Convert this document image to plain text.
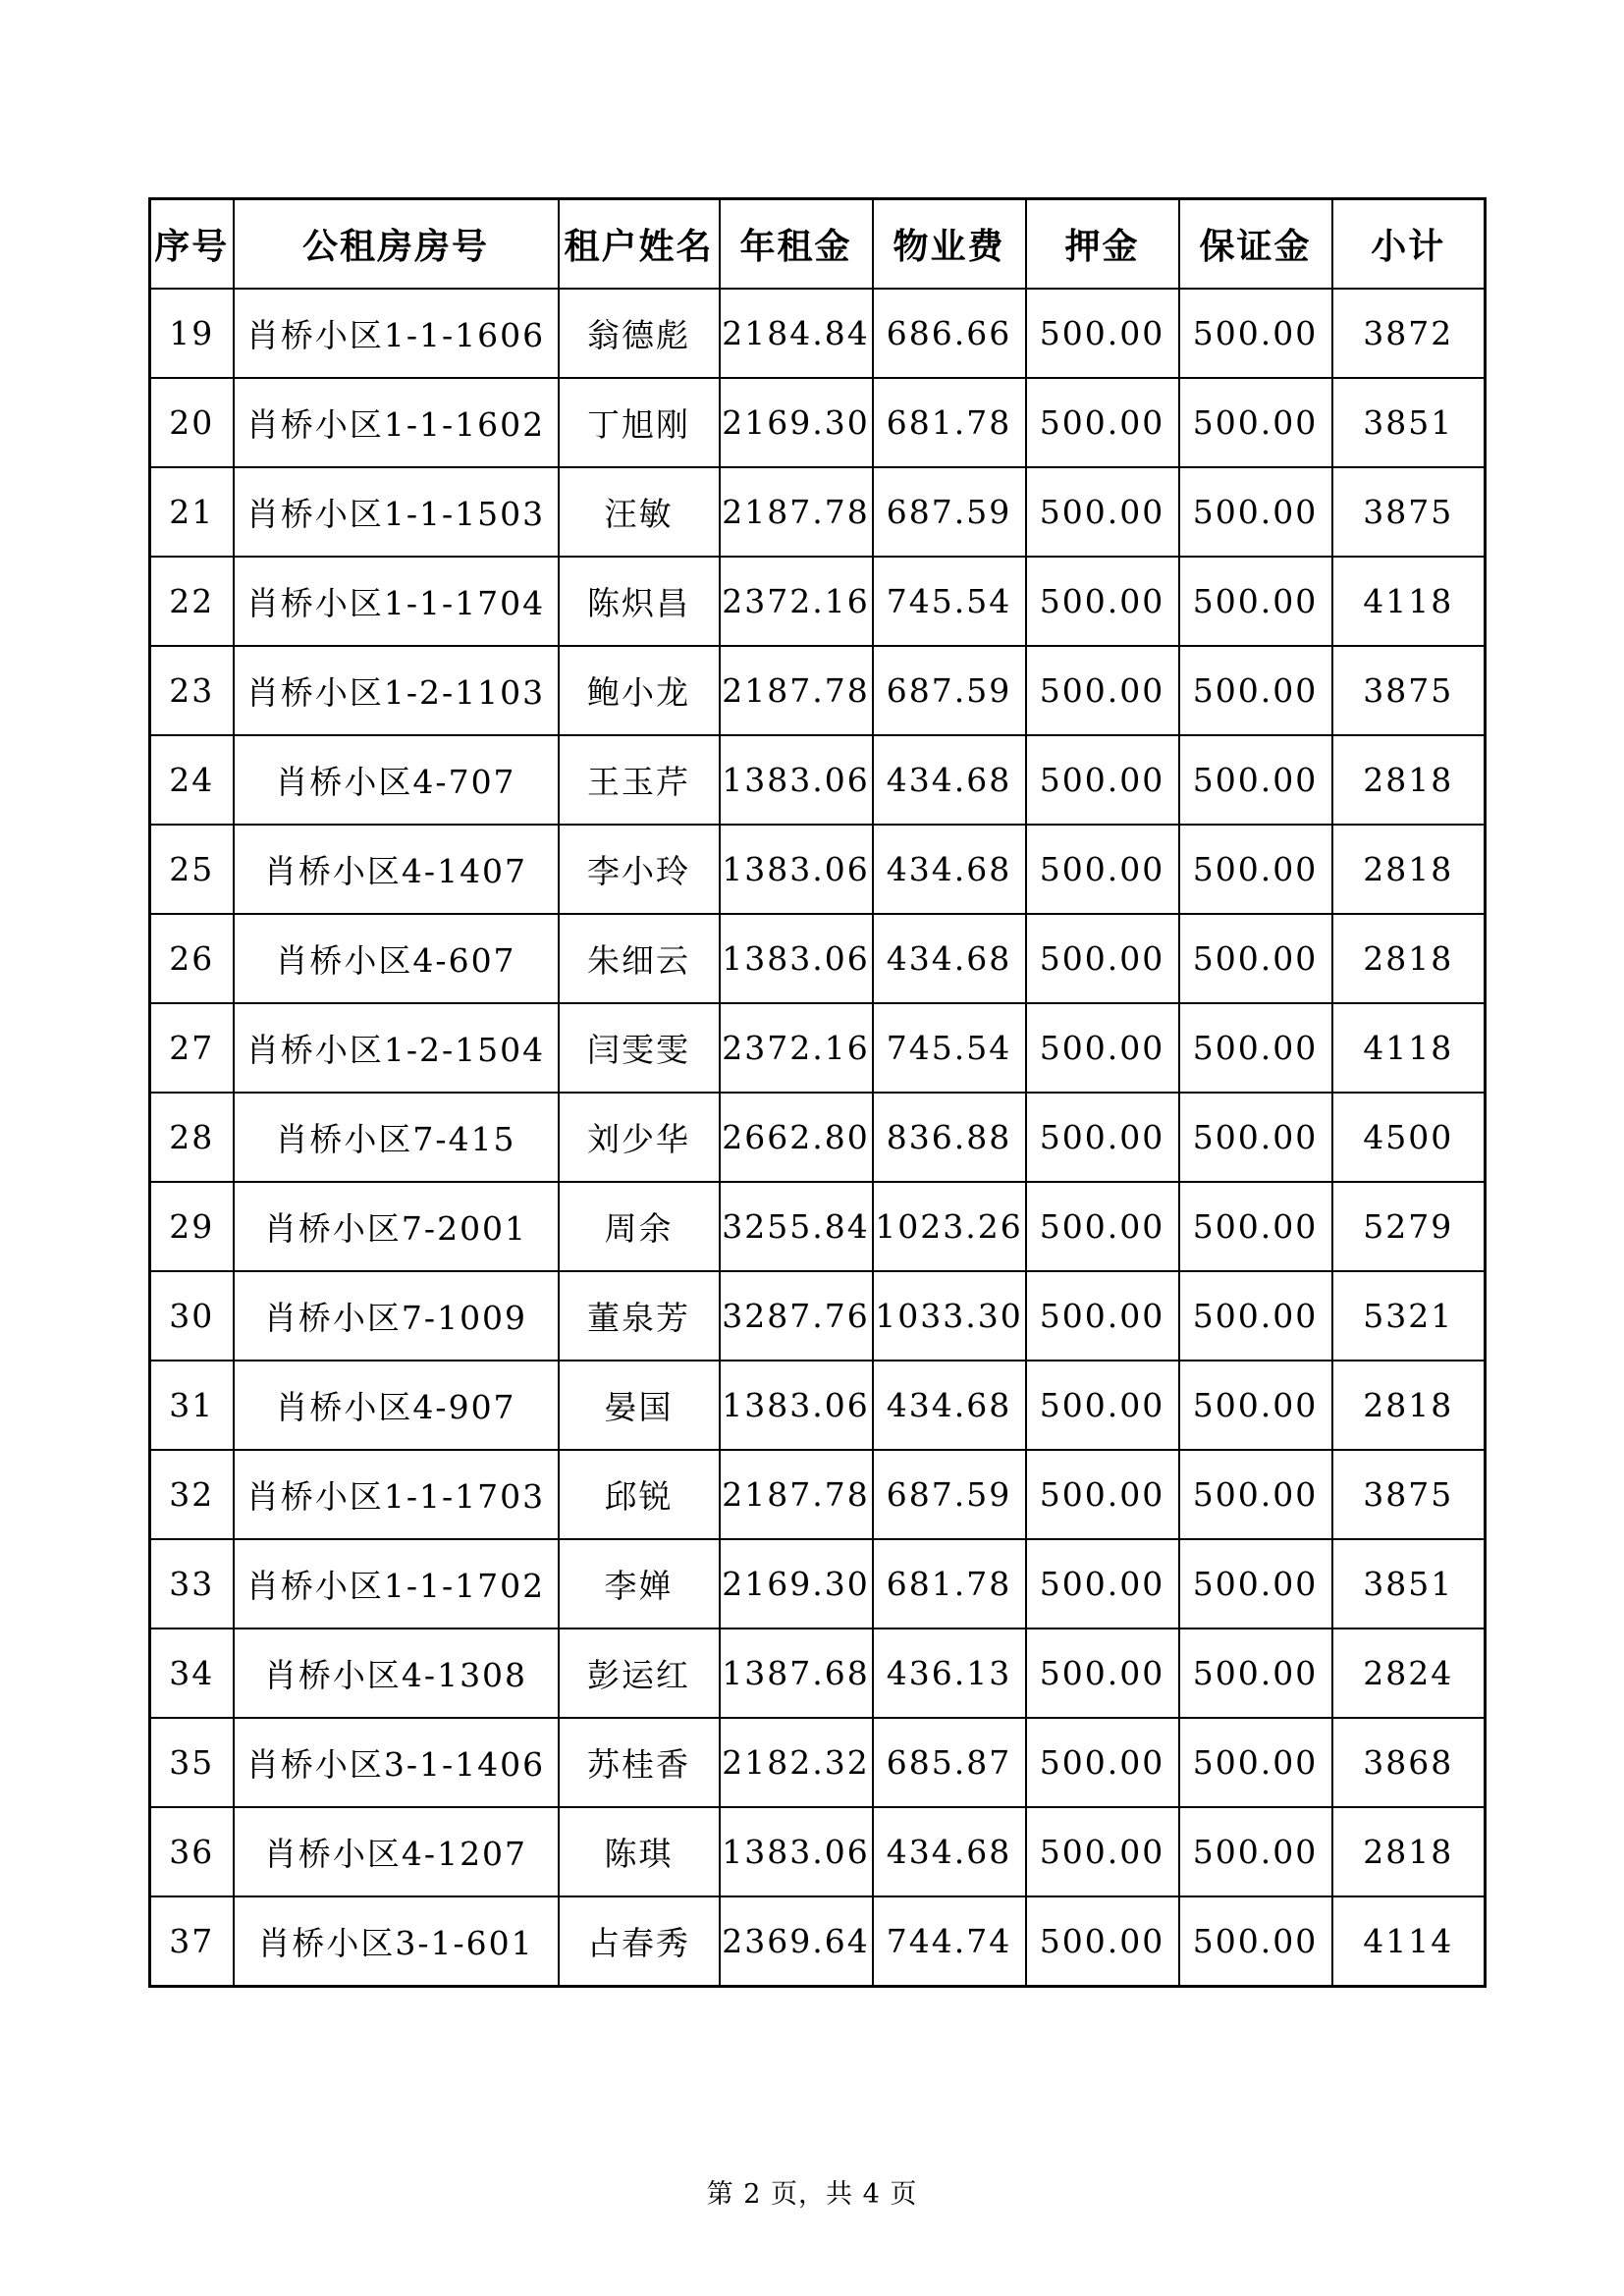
序号	公租房房号	租户姓名	年租金	物业费	押金	保证金	小计
19	肖桥小区1-1-1606	翁德彪	2184.84	686.66	500.00	500.00	3872
20	肖桥小区1-1-1602	丁旭刚	2169.30	681.78	500.00	500.00	3851
21	肖桥小区1-1-1503	汪敏	2187.78	687.59	500.00	500.00	3875
22	肖桥小区1-1-1704	陈炽昌	2372.16	745.54	500.00	500.00	4118
23	肖桥小区1-2-1103	鲍小龙	2187.78	687.59	500.00	500.00	3875
24	肖桥小区4-707	王玉芹	1383.06	434.68	500.00	500.00	2818
25	肖桥小区4-1407	李小玲	1383.06	434.68	500.00	500.00	2818
26	肖桥小区4-607	朱细云	1383.06	434.68	500.00	500.00	2818
27	肖桥小区1-2-1504	闫雯雯	2372.16	745.54	500.00	500.00	4118
28	肖桥小区7-415	刘少华	2662.80	836.88	500.00	500.00	4500
29	肖桥小区7-2001	周余	3255.84	1023.26	500.00	500.00	5279
30	肖桥小区7-1009	董泉芳	3287.76	1033.30	500.00	500.00	5321
31	肖桥小区4-907	晏国	1383.06	434.68	500.00	500.00	2818
32	肖桥小区1-1-1703	邱锐	2187.78	687.59	500.00	500.00	3875
33	肖桥小区1-1-1702	李婵	2169.30	681.78	500.00	500.00	3851
34	肖桥小区4-1308	彭运红	1387.68	436.13	500.00	500.00	2824
35	肖桥小区3-1-1406	苏桂香	2182.32	685.87	500.00	500.00	3868
36	肖桥小区4-1207	陈琪	1383.06	434.68	500.00	500.00	2818
37	肖桥小区3-1-601	占春秀	2369.64	744.74	500.00	500.00	4114
第 2 页，共 4 页
